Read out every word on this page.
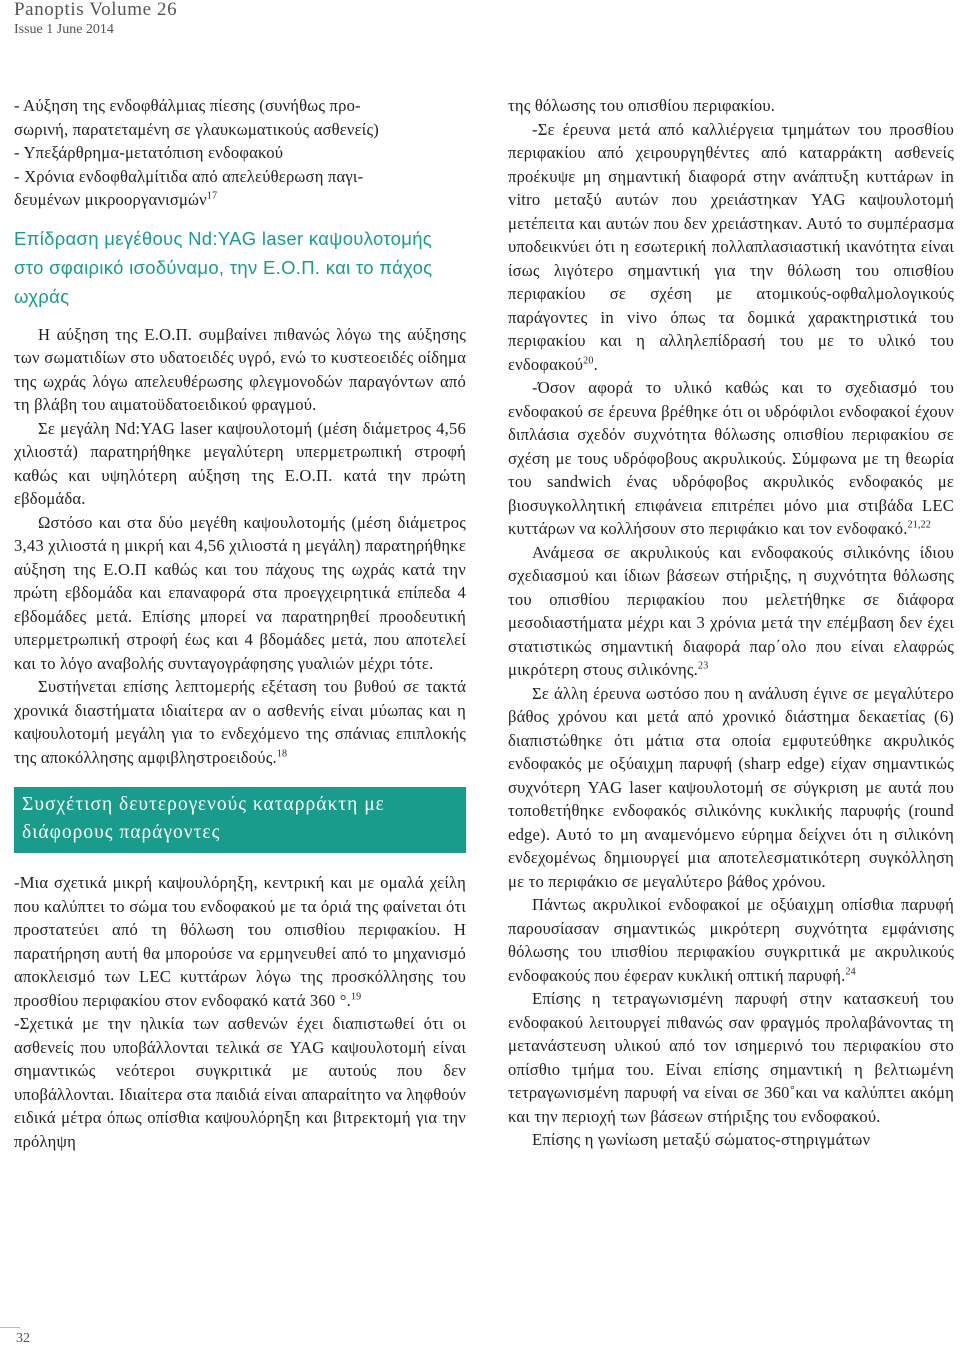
Panoptis Volume 26
Issue 1 June 2014

- Αύξηση της ενδοφθάλμιας πίεσης (συνήθως προ-

σωρινή, παρατεταμένη σε γλαυκωματικούς ασθενείς)

- Υπεξάρθρημα-μετατόπιση ενδοφακού

- Χρόνια ενδοφθαλμίτιδα από απελεύθερωση παγι-

δευμένων μικροοργανισμών$^{17}$

Επίδραση μεγέθους Nd:YAG laser καψουλοτομής στο σφαιρικό ισοδύναμο, την Ε.Ο.Π. και το πάχος ωχράς

Η αύξηση της Ε.Ο.Π. συμβαίνει πιθανώς λόγω της αύξησης των σωματιδίων στο υδατοειδές υγρό, ενώ το κυστεοειδές οίδημα της ωχράς λόγω απελευθέρωσης φλεγμονοδών παραγόντων από τη βλάβη του αιματοϋδατοειδικού φραγμού.

Σε μεγάλη Nd:YAG laser καψουλοτομή (μέση διάμετρος 4,56 χιλιοστά) παρατηρήθηκε μεγαλύτερη υπερμετρωπική στροφή καθώς και υψηλότερη αύξηση της Ε.Ο.Π. κατά την πρώτη εβδομάδα.

Ωστόσο και στα δύο μεγέθη καψουλοτομής (μέση διάμετρος 3,43 χιλιοστά η μικρή και 4,56 χιλιοστά η μεγάλη) παρατηρήθηκε αύξηση της Ε.Ο.Π καθώς και του πάχους της ωχράς κατά την πρώτη εβδομάδα και επαναφορά στα προεγχειρητικά επίπεδα 4 εβδομάδες μετά. Επίσης μπορεί να παρατηρηθεί προοδευτική υπερμετρωπική στροφή έως και 4 βδομάδες μετά, που αποτελεί και το λόγο αναβολής συνταγογράφησης γυαλιών μέχρι τότε.

Συστήνεται επίσης λεπτομερής εξέταση του βυθού σε τακτά χρονικά διαστήματα ιδιαίτερα αν ο ασθενής είναι μύωπας και η καψουλοτομή μεγάλη για το ενδεχόμενο της σπάνιας επιπλοκής της αποκόλλησης αμφιβληστροειδούς.$^{18}$

Συσχέτιση δευτερογενούς καταρράκτη με διάφορους παράγοντες

-Μια σχετικά μικρή καψουλόρηξη, κεντρική και με ομαλά χείλη που καλύπτει το σώμα του ενδοφακού με τα όριά της φαίνεται ότι προστατεύει από τη θόλωση του οπισθίου περιφακίου. Η παρατήρηση αυτή θα μπορούσε να ερμηνευθεί από το μηχανισμό αποκλεισμό των LEC κυττάρων λόγω της προσκόλλησης του προσθίου περιφακίου στον ενδοφακό κατά 360 °.$^{19}$

-Σχετικά με την ηλικία των ασθενών έχει διαπιστωθεί ότι οι ασθενείς που υποβάλλονται τελικά σε YAG καψουλοτομή είναι σημαντικώς νεότεροι συγκριτικά με αυτούς που δεν υποβάλλονται. Ιδιαίτερα στα παιδιά είναι απαραίτητο να ληφθούν ειδικά μέτρα όπως οπίσθια καψουλόρηξη και βιτρεκτομή για την πρόληψη

της θόλωσης του οπισθίου περιφακίου.

-Σε έρευνα μετά από καλλιέργεια τμημάτων του προσθίου περιφακίου από χειρουργηθέντες από καταρράκτη ασθενείς προέκυψε μη σημαντική διαφορά στην ανάπτυξη κυττάρων in vitro μεταξύ αυτών που χρειάστηκαν YAG καψουλοτομή μετέπειτα και αυτών που δεν χρειάστηκαν. Αυτό το συμπέρασμα υποδεικνύει ότι η εσωτερική πολλαπλασιαστική ικανότητα είναι ίσως λιγότερο σημαντική για την θόλωση του οπισθίου περιφακίου σε σχέση με ατομικούς-οφθαλμολογικούς παράγοντες in vivo όπως τα δομικά χαρακτηριστικά του περιφακίου και η αλληλεπίδρασή του με το υλικό του ενδοφακού$^{20}$.

-Όσον αφορά το υλικό καθώς και το σχεδιασμό του ενδοφακού σε έρευνα βρέθηκε ότι οι υδρόφιλοι ενδοφακοί έχουν διπλάσια σχεδόν συχνότητα θόλωσης οπισθίου περιφακίου σε σχέση με τους υδρόφοβους ακρυλικούς. Σύμφωνα με τη θεωρία του sandwich ένας υδρόφοβος ακρυλικός ενδοφακός με βιοσυγκολλητική επιφάνεια επιτρέπει μόνο μια στιβάδα LEC κυττάρων να κολλήσουν στο περιφάκιο και τον ενδοφακό.$^{21,22}$

Ανάμεσα σε ακρυλικούς και ενδοφακούς σιλικόνης ίδιου σχεδιασμού και ίδιων βάσεων στήριξης, η συχνότητα θόλωσης του οπισθίου περιφακίου που μελετήθηκε σε διάφορα μεσοδιαστήματα μέχρι και 3 χρόνια μετά την επέμβαση δεν έχει στατιστικώς σημαντική διαφορά παρ΄ολο που είναι ελαφρώς μικρότερη στους σιλικόνης.$^{23}$

Σε άλλη έρευνα ωστόσο που η ανάλυση έγινε σε μεγαλύτερο βάθος χρόνου και μετά από χρονικό διάστημα δεκαετίας (6) διαπιστώθηκε ότι μάτια στα οποία εμφυτεύθηκε ακρυλικός ενδοφακός με οξύαιχμη παρυφή (sharp edge) είχαν σημαντικώς συχνότερη YAG laser καψουλοτομή σε σύγκριση με αυτά που τοποθετήθηκε ενδοφακός σιλικόνης κυκλικής παρυφής (round edge). Αυτό το μη αναμενόμενο εύρημα δείχνει ότι η σιλικόνη ενδεχομένως δημιουργεί μια αποτελεσματικότερη συγκόλληση με το περιφάκιο σε μεγαλύτερο βάθος χρόνου.

Πάντως ακρυλικοί ενδοφακοί με οξύαιχμη οπίσθια παρυφή παρουσίασαν σημαντικώς μικρότερη συχνότητα εμφάνισης θόλωσης του ιπισθίου περιφακίου συγκριτικά με ακρυλικούς ενδοφακούς που έφεραν κυκλική οπτική παρυφή.$^{24}$

Επίσης η τετραγωνισμένη παρυφή στην κατασκευή του ενδοφακού λειτουργεί πιθανώς σαν φραγμός προλαβάνοντας τη μετανάστευση υλικού από τον ισημερινό του περιφακίου στο οπίσθιο τμήμα του. Είναι επίσης σημαντική η βελτιωμένη τετραγωνισμένη παρυφή να είναι σε 360˚και να καλύπτει ακόμη και την περιοχή των βάσεων στήριξης του ενδοφακού.

Επίσης η γωνίωση μεταξύ σώματος-στηριγμάτων

32
